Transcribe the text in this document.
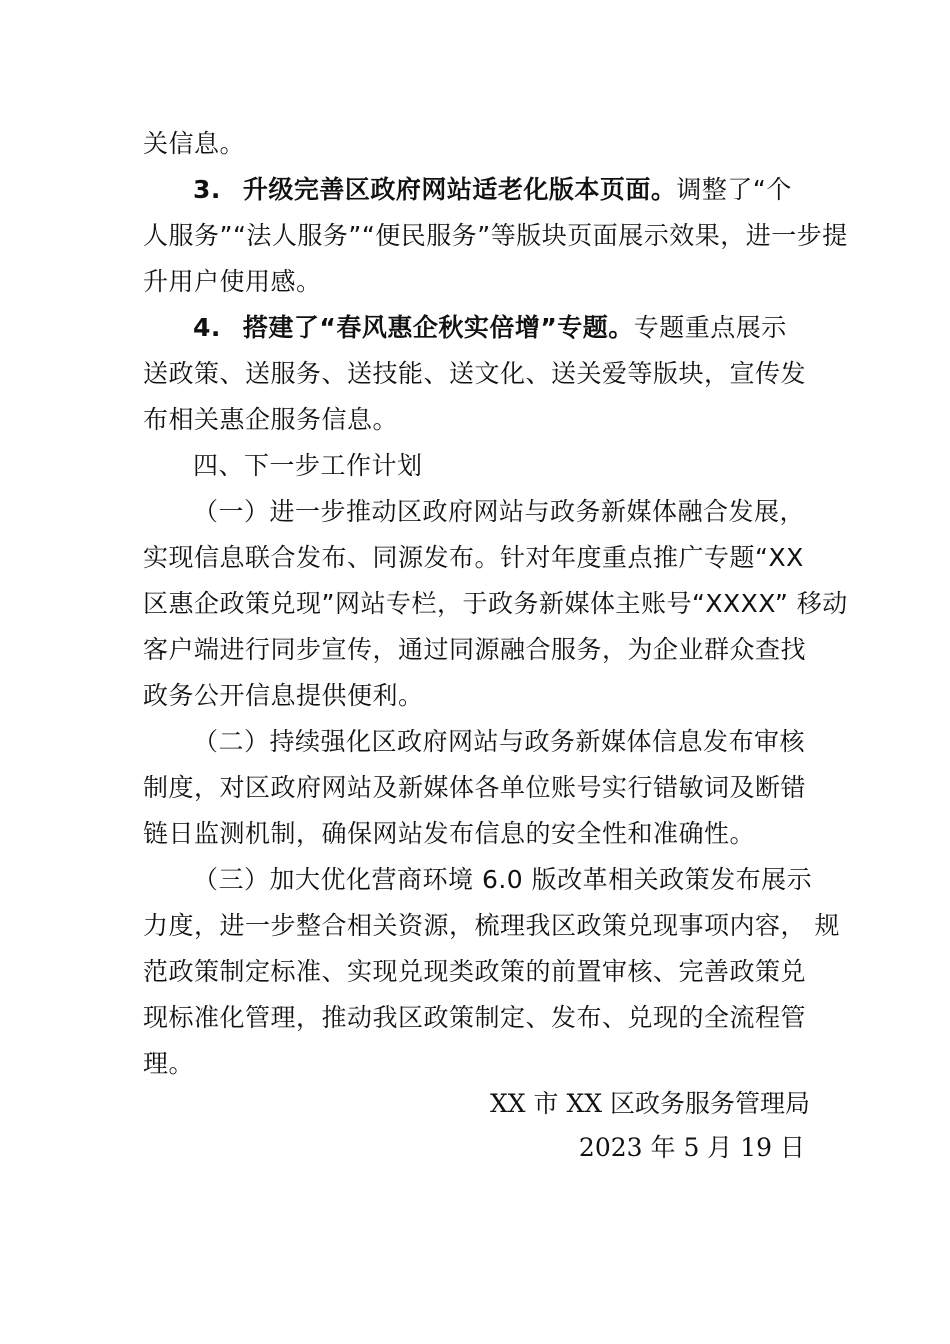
关信息。
3. 升级完善区政府网站适老化版本页面。调整了“个
人服务”“法人服务”“便民服务”等版块页面展示效果，进一步提
升用户使用感。
4. 搭建了“春风惠企秋实倍增”专题。专题重点展示
送政策、送服务、送技能、送文化、送关爱等版块，宣传发
布相关惠企服务信息。
四、下一步工作计划
（一）进一步推动区政府网站与政务新媒体融合发展，
实现信息联合发布、同源发布。针对年度重点推广专题“XX
区惠企政策兑现”网站专栏，于政务新媒体主账号“XXXX” 移动
客户端进行同步宣传，通过同源融合服务，为企业群众查找
政务公开信息提供便利。
（二）持续强化区政府网站与政务新媒体信息发布审核
制度，对区政府网站及新媒体各单位账号实行错敏词及断错
链日监测机制，确保网站发布信息的安全性和准确性。
（三）加大优化营商环境 6.0 版改革相关政策发布展示
力度，进一步整合相关资源，梳理我区政策兑现事项内容， 规
范政策制定标准、实现兑现类政策的前置审核、完善政策兑
现标准化管理，推动我区政策制定、发布、兑现的全流程管
理。
XX 市 XX 区政务服务管理局
2023 年 5 月 19 日
